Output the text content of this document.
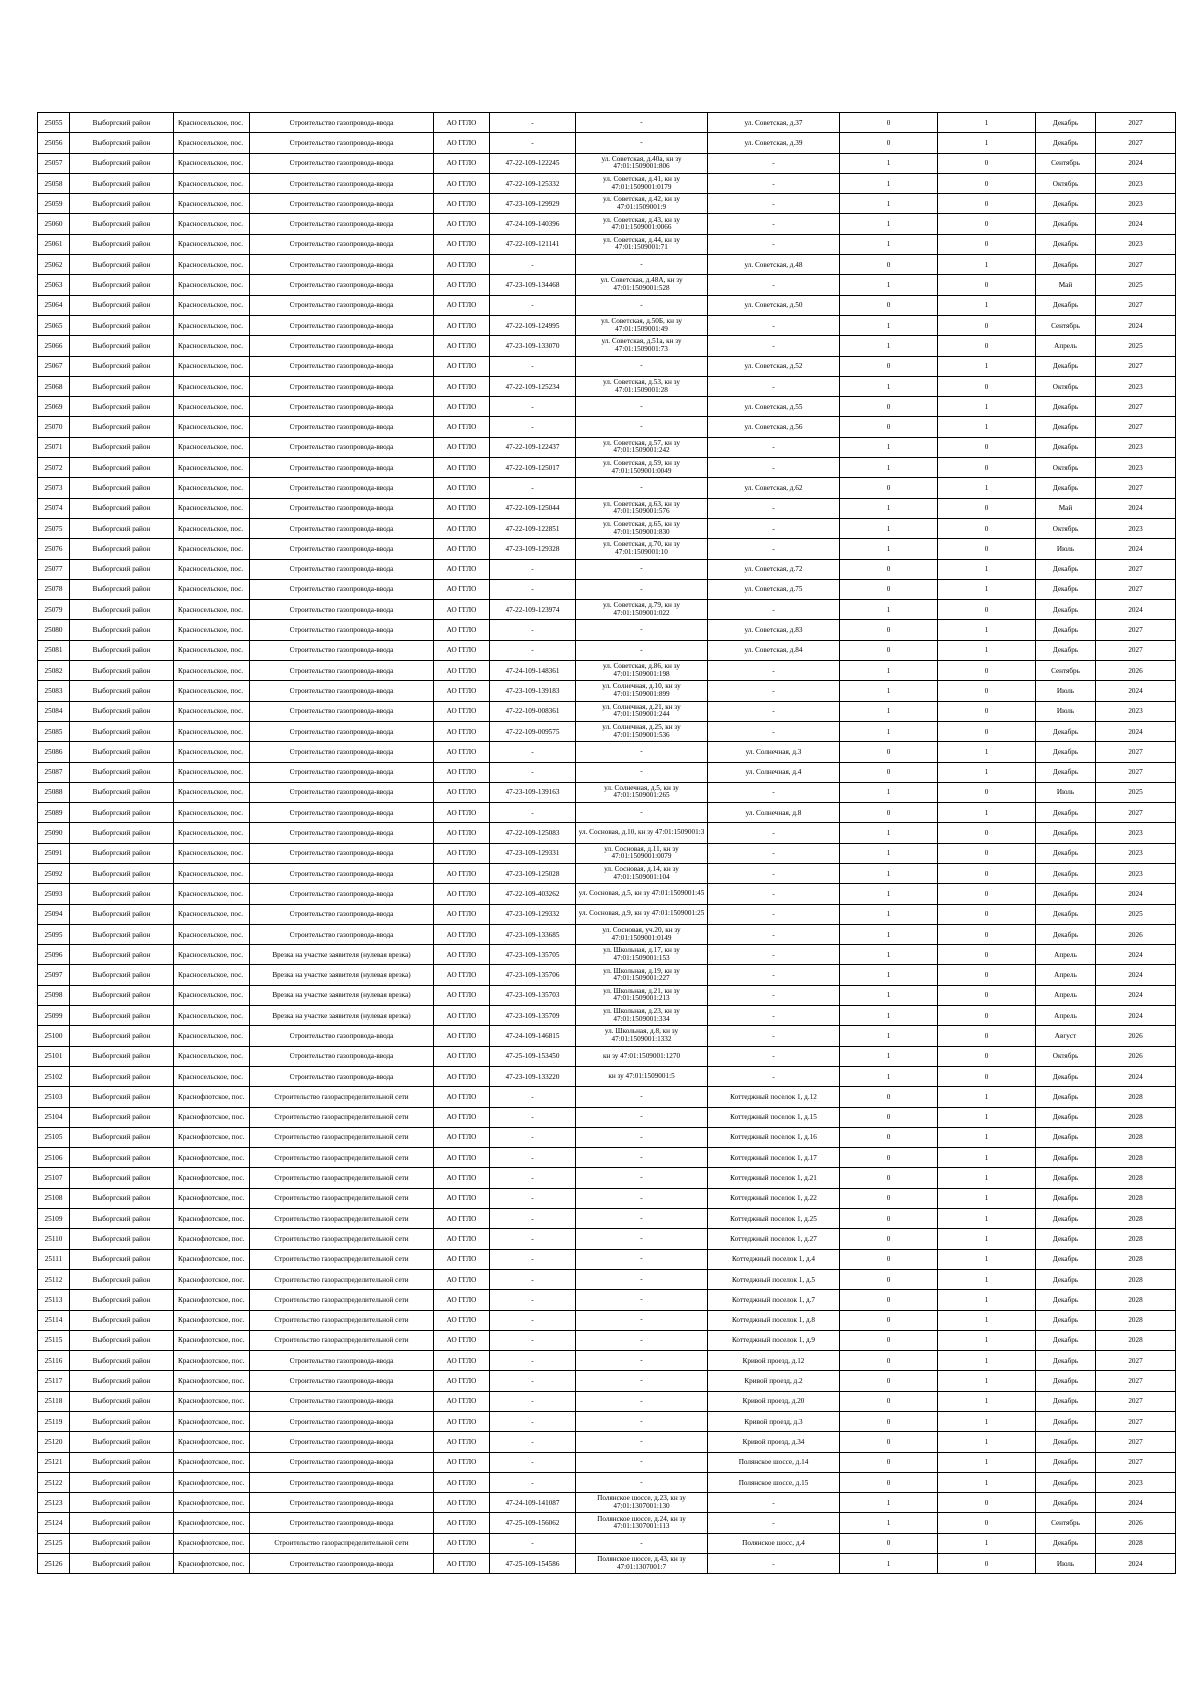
25055	Выборгский район	Красносельское, пос.	Строительство газопровода-ввода	АО ГГЛО	-	-	ул. Советская, д.37	0	1	Декабрь	2027
25056	Выборгский район	Красносельское, пос.	Строительство газопровода-ввода	АО ГГЛО	-	-	ул. Советская, д.39	0	1	Декабрь	2027
25057	Выборгский район	Красносельское, пос.	Строительство газопровода-ввода	АО ГГЛО	47-22-109-122245	ул. Советская, д.40а, кн зу 47:01:1509001:806	-	1	0	Сентябрь	2024
25058	Выборгский район	Красносельское, пос.	Строительство газопровода-ввода	АО ГГЛО	47-22-109-125332	ул. Советская, д.41, кн зу 47:01:1509001:0179	-	1	0	Октябрь	2023
25059	Выборгский район	Красносельское, пос.	Строительство газопровода-ввода	АО ГГЛО	47-23-109-129929	ул. Советская, д.42, кн зу 47:01:1509001:9	-	1	0	Декабрь	2023
25060	Выборгский район	Красносельское, пос.	Строительство газопровода-ввода	АО ГГЛО	47-24-109-140396	ул. Советская, д.43, кн зу 47:01:1509001:0066	-	1	0	Декабрь	2024
25061	Выборгский район	Красносельское, пос.	Строительство газопровода-ввода	АО ГГЛО	47-22-109-121141	ул. Советская, д.44, кн зу 47:01:1509001:71	-	1	0	Декабрь	2023
25062	Выборгский район	Красносельское, пос.	Строительство газопровода-ввода	АО ГГЛО	-	-	ул. Советская, д.48	0	1	Декабрь	2027
25063	Выборгский район	Красносельское, пос.	Строительство газопровода-ввода	АО ГГЛО	47-23-109-134468	ул. Советская, д.48А, кн зу 47:01:1509001:528	-	1	0	Май	2025
25064	Выборгский район	Красносельское, пос.	Строительство газопровода-ввода	АО ГГЛО	-	-	ул. Советская, д.50	0	1	Декабрь	2027
25065	Выборгский район	Красносельское, пос.	Строительство газопровода-ввода	АО ГГЛО	47-22-109-124995	ул. Советская, д.50Б, кн зу 47:01:1509001:49	-	1	0	Сентябрь	2024
25066	Выборгский район	Красносельское, пос.	Строительство газопровода-ввода	АО ГГЛО	47-23-109-133070	ул. Советская, д.51а, кн зу 47:01:1509001:73	-	1	0	Апрель	2025
25067	Выборгский район	Красносельское, пос.	Строительство газопровода-ввода	АО ГГЛО	-	-	ул. Советская, д.52	0	1	Декабрь	2027
25068	Выборгский район	Красносельское, пос.	Строительство газопровода-ввода	АО ГГЛО	47-22-109-125234	ул. Советская, д.53, кн зу 47:01:1509001:28	-	1	0	Октябрь	2023
25069	Выборгский район	Красносельское, пос.	Строительство газопровода-ввода	АО ГГЛО	-	-	ул. Советская, д.55	0	1	Декабрь	2027
25070	Выборгский район	Красносельское, пос.	Строительство газопровода-ввода	АО ГГЛО	-	-	ул. Советская, д.56	0	1	Декабрь	2027
25071	Выборгский район	Красносельское, пос.	Строительство газопровода-ввода	АО ГГЛО	47-22-109-122437	ул. Советская, д.57, кн зу 47:01:1509001:242	-	1	0	Декабрь	2023
25072	Выборгский район	Красносельское, пос.	Строительство газопровода-ввода	АО ГГЛО	47-22-109-125017	ул. Советская, д.59, кн зу 47:01:1509001:0049	-	1	0	Октябрь	2023
25073	Выборгский район	Красносельское, пос.	Строительство газопровода-ввода	АО ГГЛО	-	-	ул. Советская, д.62	0	1	Декабрь	2027
25074	Выборгский район	Красносельское, пос.	Строительство газопровода-ввода	АО ГГЛО	47-22-109-125044	ул. Советская, д.63, кн зу 47:01:1509001:576	-	1	0	Май	2024
25075	Выборгский район	Красносельское, пос.	Строительство газопровода-ввода	АО ГГЛО	47-22-109-122851	ул. Советская, д.65, кн зу 47:01:1509001:830	-	1	0	Октябрь	2023
25076	Выборгский район	Красносельское, пос.	Строительство газопровода-ввода	АО ГГЛО	47-23-109-129328	ул. Советская, д.70, кн зу 47:01:1509001:10	-	1	0	Июль	2024
25077	Выборгский район	Красносельское, пос.	Строительство газопровода-ввода	АО ГГЛО	-	-	ул. Советская, д.72	0	1	Декабрь	2027
25078	Выборгский район	Красносельское, пос.	Строительство газопровода-ввода	АО ГГЛО	-	-	ул. Советская, д.75	0	1	Декабрь	2027
25079	Выборгский район	Красносельское, пос.	Строительство газопровода-ввода	АО ГГЛО	47-22-109-123974	ул. Советская, д.79, кн зу 47:01:1509001:022	-	1	0	Декабрь	2024
25080	Выборгский район	Красносельское, пос.	Строительство газопровода-ввода	АО ГГЛО	-	-	ул. Советская, д.83	0	1	Декабрь	2027
25081	Выборгский район	Красносельское, пос.	Строительство газопровода-ввода	АО ГГЛО	-	-	ул. Советская, д.84	0	1	Декабрь	2027
25082	Выборгский район	Красносельское, пос.	Строительство газопровода-ввода	АО ГГЛО	47-24-109-148361	ул. Советская, д.86, кн зу 47:01:1509001:198	-	1	0	Сентябрь	2026
25083	Выборгский район	Красносельское, пос.	Строительство газопровода-ввода	АО ГГЛО	47-23-109-139183	ул. Солнечная, д.10, кн зу 47:01:1509001:899	-	1	0	Июль	2024
25084	Выборгский район	Красносельское, пос.	Строительство газопровода-ввода	АО ГГЛО	47-22-109-008361	ул. Солнечная, д.21, кн зу 47:01:1509001:244	-	1	0	Июль	2023
25085	Выборгский район	Красносельское, пос.	Строительство газопровода-ввода	АО ГГЛО	47-22-109-009575	ул. Солнечная, д.25, кн зу 47:01:1509001:536	-	1	0	Декабрь	2024
25086	Выборгский район	Красносельское, пос.	Строительство газопровода-ввода	АО ГГЛО	-	-	ул. Солнечная, д.3	0	1	Декабрь	2027
25087	Выборгский район	Красносельское, пос.	Строительство газопровода-ввода	АО ГГЛО	-	-	ул. Солнечная, д.4	0	1	Декабрь	2027
25088	Выборгский район	Красносельское, пос.	Строительство газопровода-ввода	АО ГГЛО	47-23-109-139163	ул. Солнечная, д.5, кн зу 47:01:1509001:265	-	1	0	Июль	2025
25089	Выборгский район	Красносельское, пос.	Строительство газопровода-ввода	АО ГГЛО	-	-	ул. Солнечная, д.8	0	1	Декабрь	2027
25090	Выборгский район	Красносельское, пос.	Строительство газопровода-ввода	АО ГГЛО	47-22-109-125083	ул. Сосновая, д.10, кн зу 47:01:1509001:3	-	1	0	Декабрь	2023
25091	Выборгский район	Красносельское, пос.	Строительство газопровода-ввода	АО ГГЛО	47-23-109-129331	ул. Сосновая, д.11, кн зу 47:01:1509001:0079	-	1	0	Декабрь	2023
25092	Выборгский район	Красносельское, пос.	Строительство газопровода-ввода	АО ГГЛО	47-23-109-125028	ул. Сосновая, д.14, кн зу 47:01:1509001:104	-	1	0	Декабрь	2023
25093	Выборгский район	Красносельское, пос.	Строительство газопровода-ввода	АО ГГЛО	47-22-109-403262	ул. Сосновая, д.5, кн зу 47:01:1509001:45	-	1	0	Декабрь	2024
25094	Выборгский район	Красносельское, пос.	Строительство газопровода-ввода	АО ГГЛО	47-23-109-129332	ул. Сосновая, д.9, кн зу 47:01:1509001:25	-	1	0	Декабрь	2025
25095	Выборгский район	Красносельское, пос.	Строительство газопровода-ввода	АО ГГЛО	47-23-109-133685	ул. Сосновая, уч.20, кн зу 47:01:1509001:0149	-	1	0	Декабрь	2026
25096	Выборгский район	Красносельское, пос.	Врезка на участке заявителя (нулевая врезка)	АО ГГЛО	47-23-109-135705	ул. Школьная, д.17, кн зу 47:01:1509001:153	-	1	0	Апрель	2024
25097	Выборгский район	Красносельское, пос.	Врезка на участке заявителя (нулевая врезка)	АО ГГЛО	47-23-109-135706	ул. Школьная, д.19, кн зу 47:01:1509001:227	-	1	0	Апрель	2024
25098	Выборгский район	Красносельское, пос.	Врезка на участке заявителя (нулевая врезка)	АО ГГЛО	47-23-109-135703	ул. Школьная, д.21, кн зу 47:01:1509001:213	-	1	0	Апрель	2024
25099	Выборгский район	Красносельское, пос.	Врезка на участке заявителя (нулевая врезка)	АО ГГЛО	47-23-109-135709	ул. Школьная, д.23, кн зу 47:01:1509001:334	-	1	0	Апрель	2024
25100	Выборгский район	Красносельское, пос.	Строительство газопровода-ввода	АО ГГЛО	47-24-109-146815	ул. Школьная, д.8, кн зу 47:01:1509001:1332	-	1	0	Август	2026
25101	Выборгский район	Красносельское, пос.	Строительство газопровода-ввода	АО ГГЛО	47-25-109-153450	кн зу 47:01:1509001:1270	-	1	0	Октябрь	2026
25102	Выборгский район	Красносельское, пос.	Строительство газопровода-ввода	АО ГГЛО	47-23-109-133220	кн зу 47:01:1509001:5	-	1	0	Декабрь	2024
25103	Выборгский район	Краснофлотское, пос.	Строительство газораспределительной сети	АО ГГЛО	-	-	Коттеджный поселок 1, д.12	0	1	Декабрь	2028
25104	Выборгский район	Краснофлотское, пос.	Строительство газораспределительной сети	АО ГГЛО	-	-	Коттеджный поселок 1, д.15	0	1	Декабрь	2028
25105	Выборгский район	Краснофлотское, пос.	Строительство газораспределительной сети	АО ГГЛО	-	-	Коттеджный поселок 1, д.16	0	1	Декабрь	2028
25106	Выборгский район	Краснофлотское, пос.	Строительство газораспределительной сети	АО ГГЛО	-	-	Коттеджный поселок 1, д.17	0	1	Декабрь	2028
25107	Выборгский район	Краснофлотское, пос.	Строительство газораспределительной сети	АО ГГЛО	-	-	Коттеджный поселок 1, д.21	0	1	Декабрь	2028
25108	Выборгский район	Краснофлотское, пос.	Строительство газораспределительной сети	АО ГГЛО	-	-	Коттеджный поселок 1, д.22	0	1	Декабрь	2028
25109	Выборгский район	Краснофлотское, пос.	Строительство газораспределительной сети	АО ГГЛО	-	-	Коттеджный поселок 1, д.25	0	1	Декабрь	2028
25110	Выборгский район	Краснофлотское, пос.	Строительство газораспределительной сети	АО ГГЛО	-	-	Коттеджный поселок 1, д.27	0	1	Декабрь	2028
25111	Выборгский район	Краснофлотское, пос.	Строительство газораспределительной сети	АО ГГЛО	-	-	Коттеджный поселок 1, д.4	0	1	Декабрь	2028
25112	Выборгский район	Краснофлотское, пос.	Строительство газораспределительной сети	АО ГГЛО	-	-	Коттеджный поселок 1, д.5	0	1	Декабрь	2028
25113	Выборгский район	Краснофлотское, пос.	Строительство газораспределительной сети	АО ГГЛО	-	-	Коттеджный поселок 1, д.7	0	1	Декабрь	2028
25114	Выборгский район	Краснофлотское, пос.	Строительство газораспределительной сети	АО ГГЛО	-	-	Коттеджный поселок 1, д.8	0	1	Декабрь	2028
25115	Выборгский район	Краснофлотское, пос.	Строительство газораспределительной сети	АО ГГЛО	-	-	Коттеджный поселок 1, д.9	0	1	Декабрь	2028
25116	Выборгский район	Краснофлотское, пос.	Строительство газопровода-ввода	АО ГГЛО	-	-	Кривой проезд, д.12	0	1	Декабрь	2027
25117	Выборгский район	Краснофлотское, пос.	Строительство газопровода-ввода	АО ГГЛО	-	-	Кривой проезд, д.2	0	1	Декабрь	2027
25118	Выборгский район	Краснофлотское, пос.	Строительство газопровода-ввода	АО ГГЛО	-	-	Кривой проезд, д.20	0	1	Декабрь	2027
25119	Выборгский район	Краснофлотское, пос.	Строительство газопровода-ввода	АО ГГЛО	-	-	Кривой проезд, д.3	0	1	Декабрь	2027
25120	Выборгский район	Краснофлотское, пос.	Строительство газопровода-ввода	АО ГГЛО	-	-	Кривой проезд, д.34	0	1	Декабрь	2027
25121	Выборгский район	Краснофлотское, пос.	Строительство газопровода-ввода	АО ГГЛО	-	-	Полянское шоссе, д.14	0	1	Декабрь	2027
25122	Выборгский район	Краснофлотское, пос.	Строительство газопровода-ввода	АО ГГЛО	-	-	Полянское шоссе, д.15	0	1	Декабрь	2023
25123	Выборгский район	Краснофлотское, пос.	Строительство газопровода-ввода	АО ГГЛО	47-24-109-141087	Полянское шоссе, д.23, кн зу 47:01:1307001:130	-	1	0	Декабрь	2024
25124	Выборгский район	Краснофлотское, пос.	Строительство газопровода-ввода	АО ГГЛО	47-25-109-156062	Полянское шоссе, д.24, кн зу 47:01:1307001:113	-	1	0	Сентябрь	2026
25125	Выборгский район	Краснофлотское, пос.	Строительство газораспределительной сети	АО ГГЛО	-	-	Полянское шосс, д.4	0	1	Декабрь	2028
25126	Выборгский район	Краснофлотское, пос.	Строительство газопровода-ввода	АО ГГЛО	47-25-109-154586	Полянское шоссе, д.43, кн зу 47:01:1307001:7	-	1	0	Июль	2024
